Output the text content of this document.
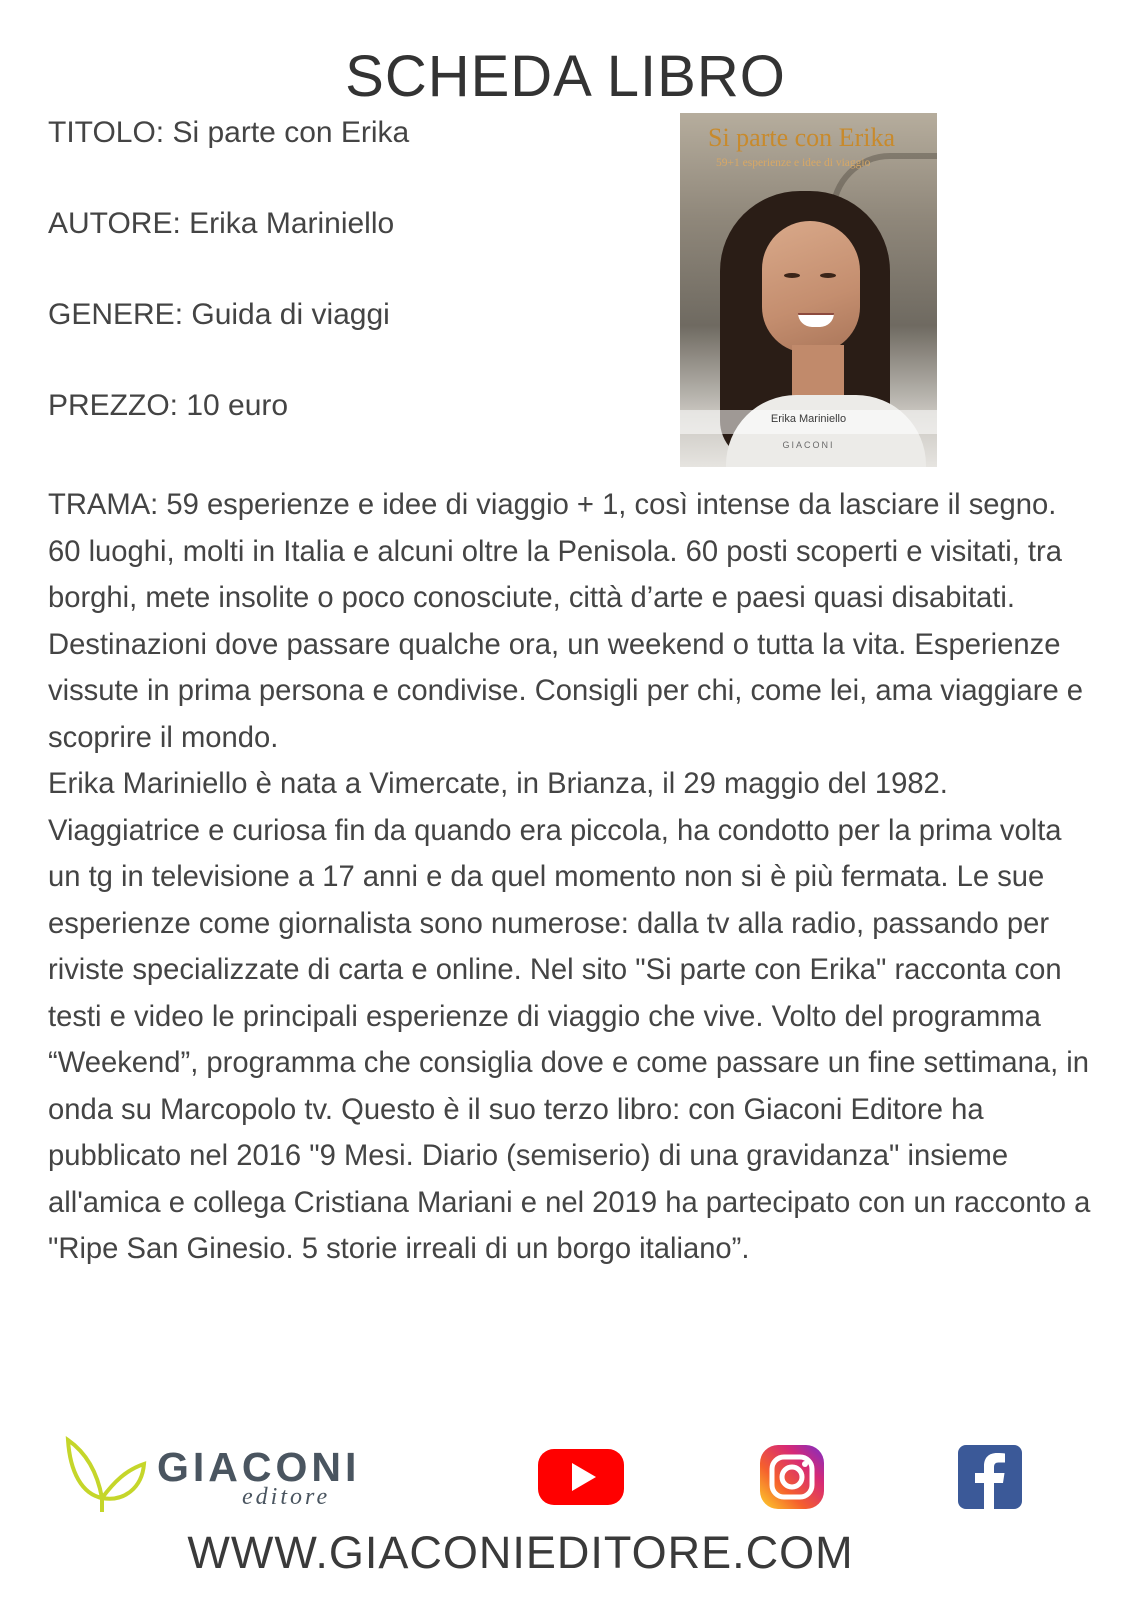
SCHEDA LIBRO
TITOLO: Si parte con Erika
AUTORE: Erika Mariniello
GENERE: Guida di viaggi
PREZZO: 10 euro
Si parte con Erika
59+1 esperienze e idee di viaggio
Erika Mariniello
GIACONI

TRAMA: 59 esperienze e idee di viaggio + 1, così intense da lasciare il segno. 60 luoghi, molti in Italia e alcuni oltre la Penisola. 60 posti scoperti e visitati, tra borghi, mete insolite o poco conosciute, città d’arte e paesi quasi disabitati. Destinazioni dove passare qualche ora, un weekend o tutta la vita. Esperienze vissute in prima persona e condivise. Consigli per chi, come lei, ama viaggiare e scoprire il mondo.

Erika Mariniello è nata a Vimercate, in Brianza, il 29 maggio del 1982. Viaggiatrice e curiosa fin da quando era piccola, ha condotto per la prima volta un tg in televisione a 17 anni e da quel momento non si è più fermata. Le sue esperienze come giornalista sono numerose: dalla tv alla radio, passando per riviste specializzate di carta e online. Nel sito "Si parte con Erika" racconta con testi e video le principali esperienze di viaggio che vive. Volto del programma “Weekend”, programma che consiglia dove e come passare un fine settimana, in onda su Marcopolo tv. Questo è il suo terzo libro: con Giaconi Editore ha pubblicato nel 2016 "9 Mesi. Diario (semiserio) di una gravidanza" insieme all'amica e collega Cristiana Mariani e nel 2019 ha partecipato con un racconto a "Ripe San Ginesio. 5 storie irreali di un borgo italiano”.

GIACONI
editore
WWW.GIACONIEDITORE.COM
